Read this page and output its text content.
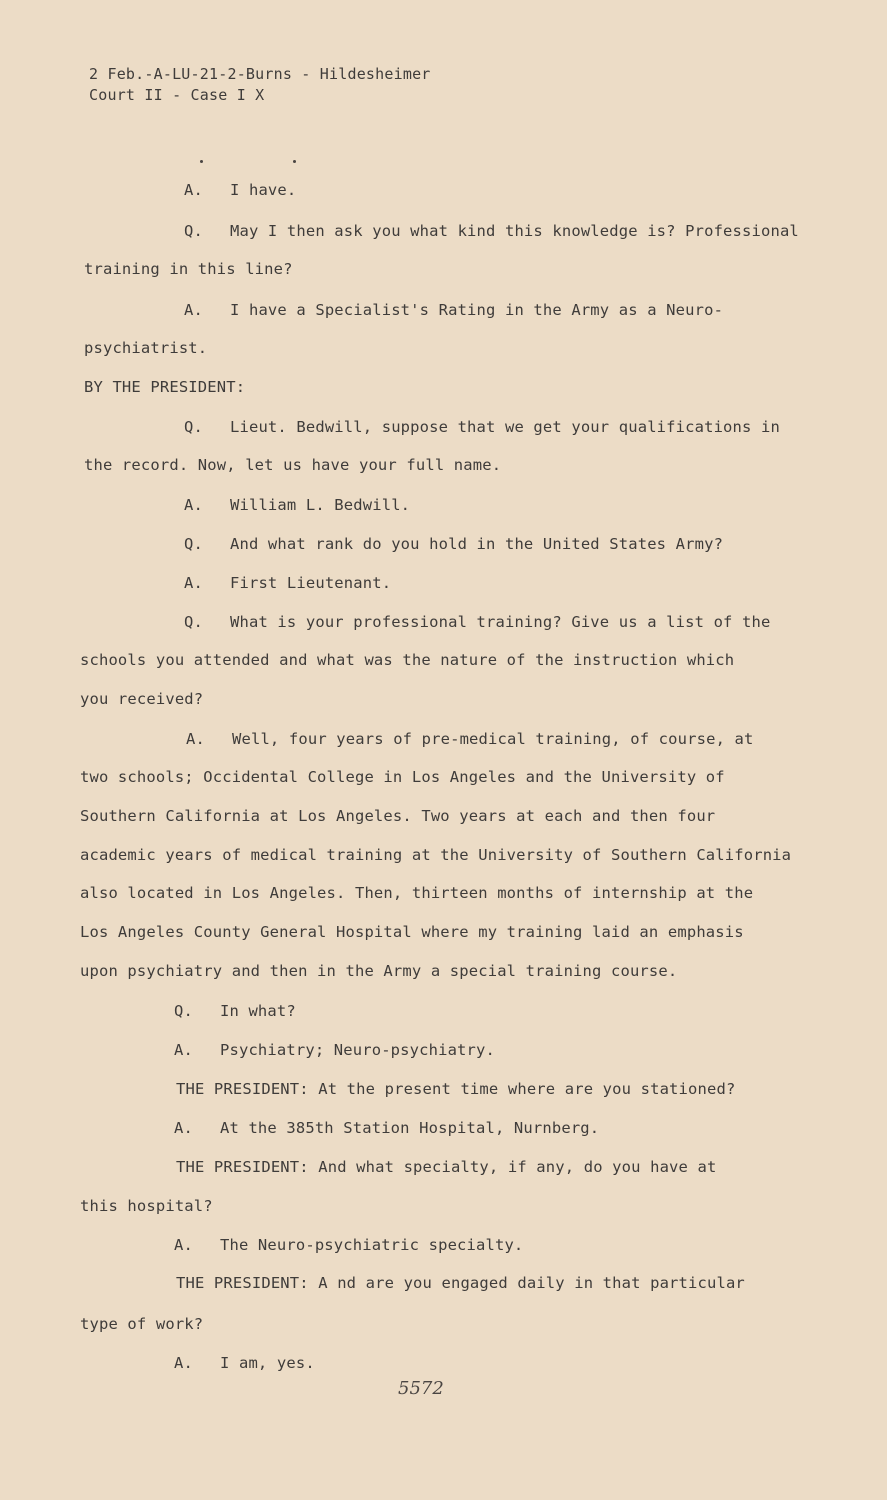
2 Feb.-A-LU-21-2-Burns - Hildesheimer
Court II - Case I X
A. I have.
Q. May I then ask you what kind this knowledge is? Professional
training in this line?
A. I have a Specialist's Rating in the Army as a Neuro-
psychiatrist.
BY THE PRESIDENT:
Q. Lieut. Bedwill, suppose that we get your qualifications in
the record. Now, let us have your full name.
A. William L. Bedwill.
Q. And what rank do you hold in the United States Army?
A. First Lieutenant.
Q. What is your professional training? Give us a list of the
schools you attended and what was the nature of the instruction which
you received?
A. Well, four years of pre-medical training, of course, at
two schools; Occidental College in Los Angeles and the University of
Southern California at Los Angeles. Two years at each and then four
academic years of medical training at the University of Southern California
also located in Los Angeles. Then, thirteen months of internship at the
Los Angeles County General Hospital where my training laid an emphasis
upon psychiatry and then in the Army a special training course.
Q. In what?
A. Psychiatry; Neuro-psychiatry.
THE PRESIDENT: At the present time where are you stationed?
A. At the 385th Station Hospital, Nurnberg.
THE PRESIDENT: And what specialty, if any, do you have at
this hospital?
A. The Neuro-psychiatric specialty.
THE PRESIDENT: A nd are you engaged daily in that particular
type of work?
A. I am, yes.
5572
